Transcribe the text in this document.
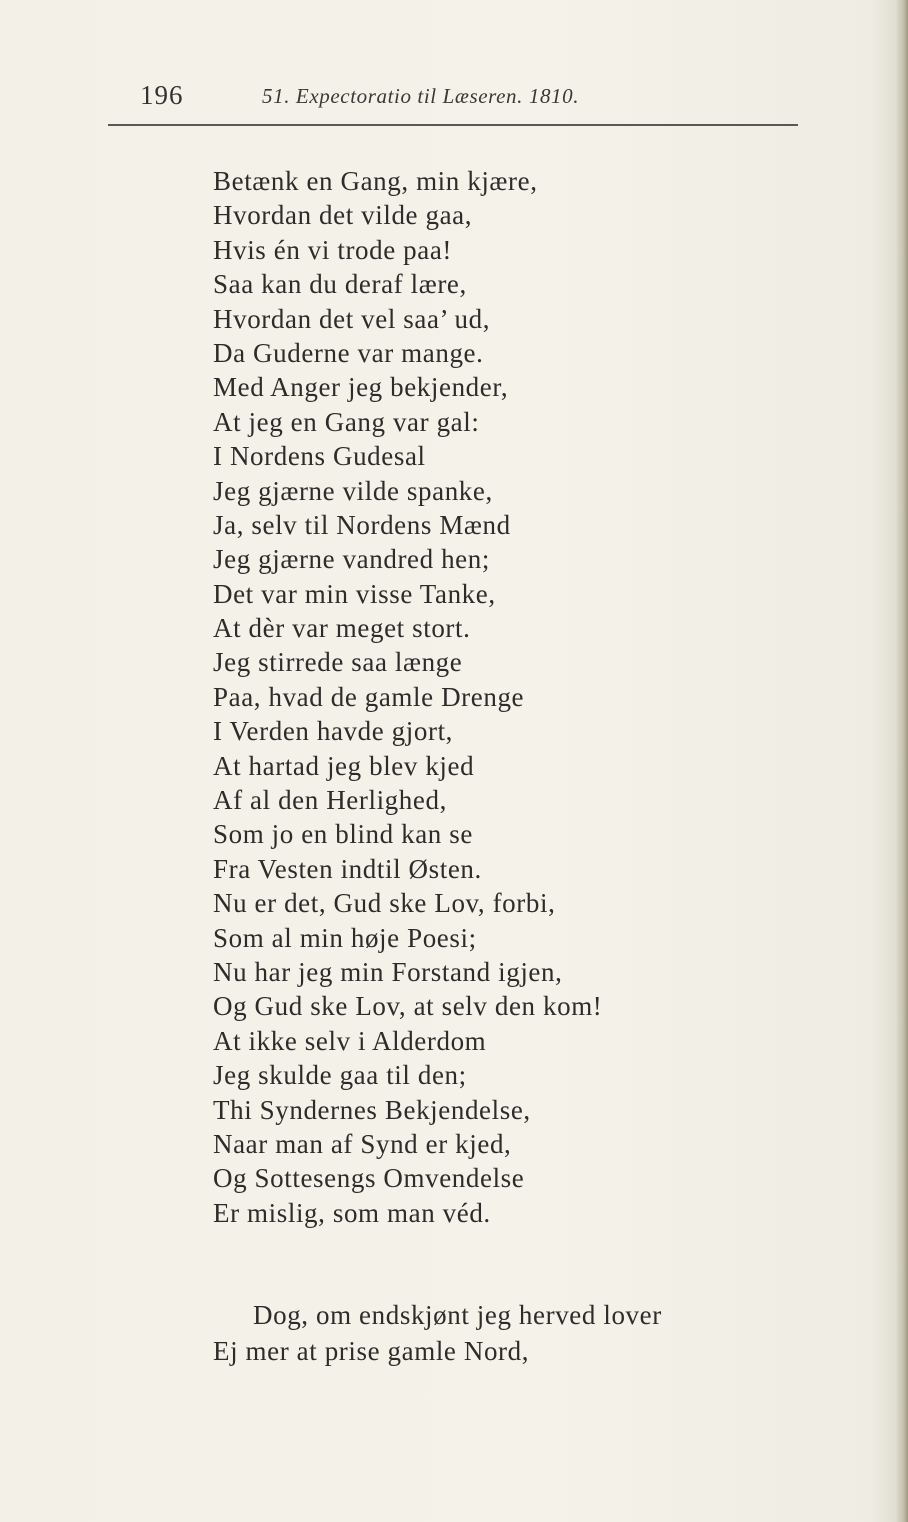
196	51. Expectoratio til Læseren. 1810.
Betænk en Gang, min kjære,
Hvordan det vilde gaa,
Hvis én vi trode paa!
Saa kan du deraf lære,
Hvordan det vel saa’ ud,
Da Guderne var mange.
Med Anger jeg bekjender,
At jeg en Gang var gal:
I Nordens Gudesal
Jeg gjærne vilde spanke,
Ja, selv til Nordens Mænd
Jeg gjærne vandred hen;
Det var min visse Tanke,
At dèr var meget stort.
Jeg stirrede saa længe
Paa, hvad de gamle Drenge
I Verden havde gjort,
At hartad jeg blev kjed
Af al den Herlighed,
Som jo en blind kan se
Fra Vesten indtil Østen.
Nu er det, Gud ske Lov, forbi,
Som al min høje Poesi;
Nu har jeg min Forstand igjen,
Og Gud ske Lov, at selv den kom!
At ikke selv i Alderdom
Jeg skulde gaa til den;
Thi Syndernes Bekjendelse,
Naar man af Synd er kjed,
Og Sottesengs Omvendelse
Er mislig, som man véd.
Dog, om endskjønt jeg herved lover
Ej mer at prise gamle Nord,
